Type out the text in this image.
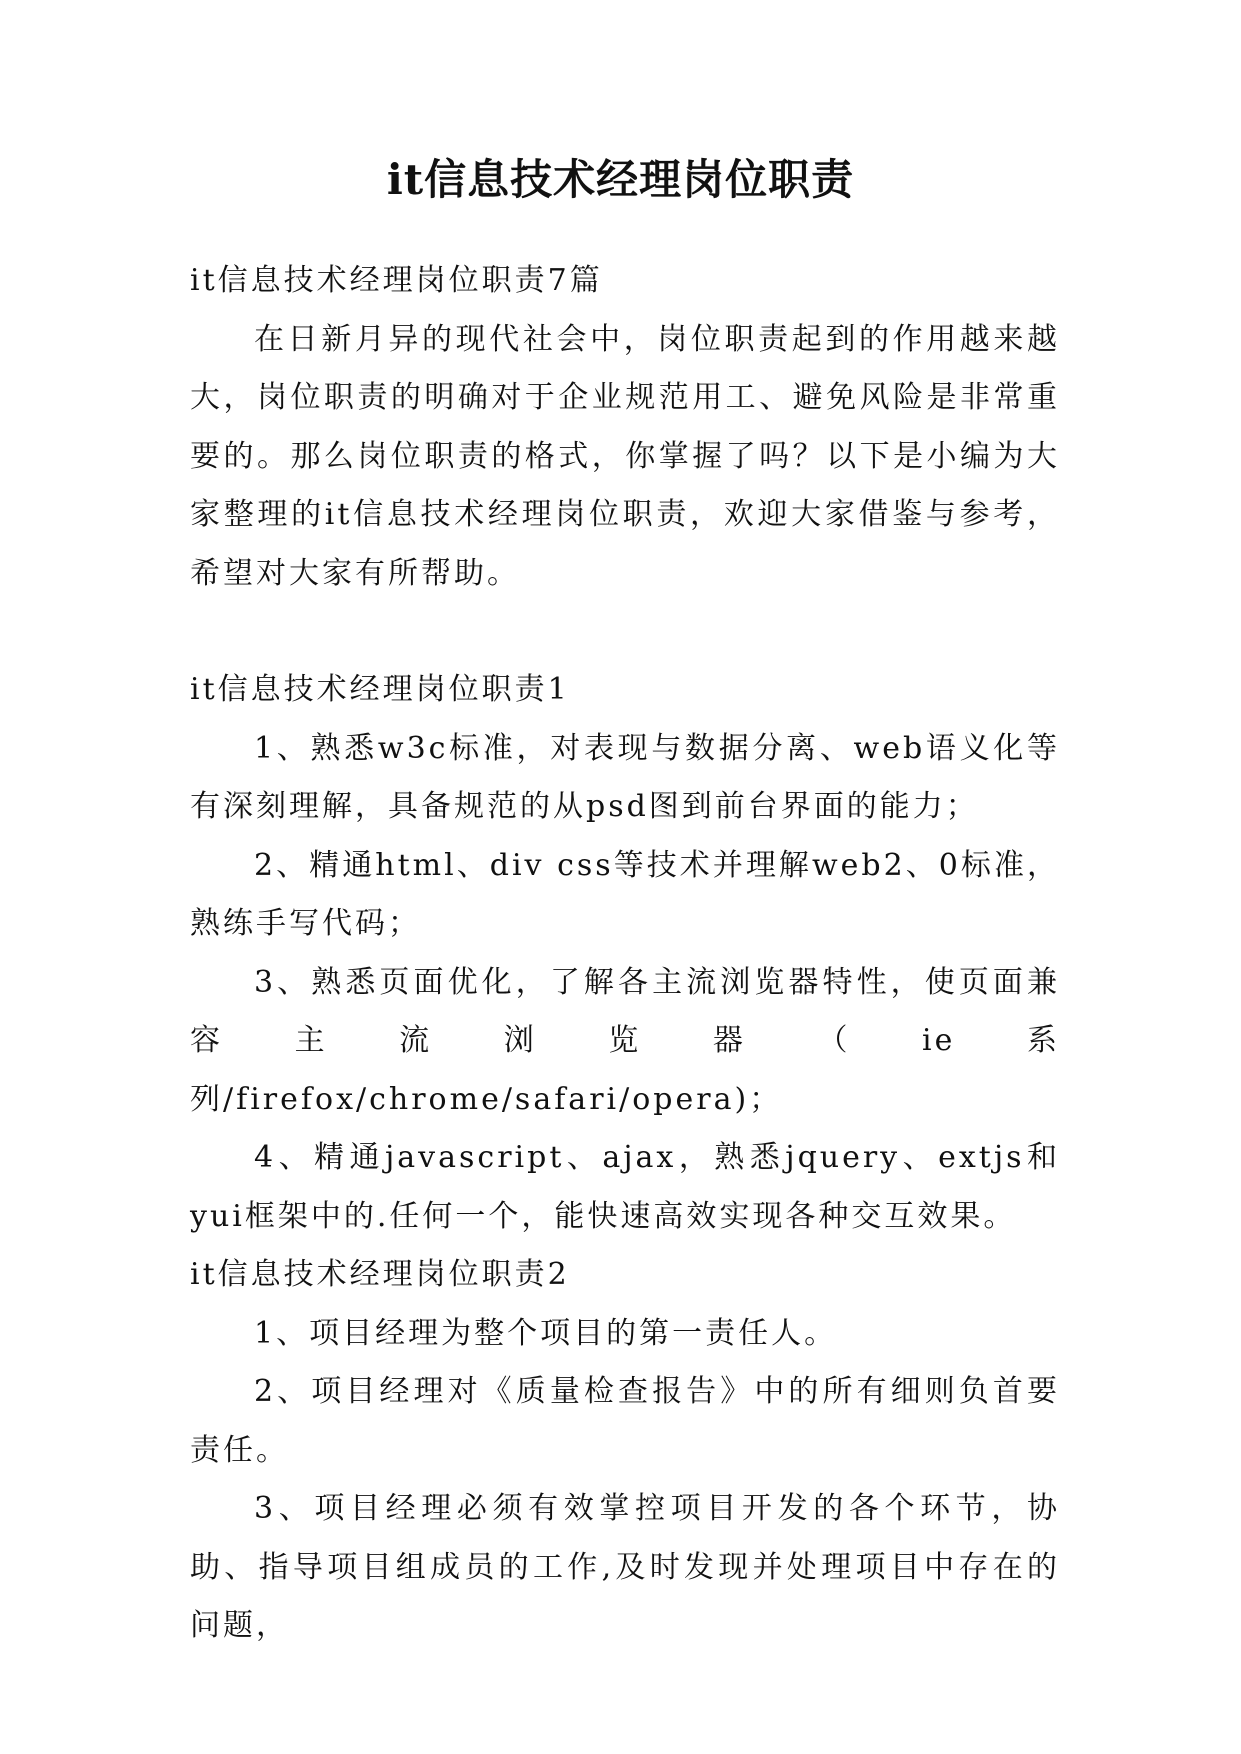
it信息技术经理岗位职责

it信息技术经理岗位职责7篇

在日新月异的现代社会中，岗位职责起到的作用越来越大，岗位职责的明确对于企业规范用工、避免风险是非常重要的。那么岗位职责的格式，你掌握了吗？以下是小编为大家整理的it信息技术经理岗位职责，欢迎大家借鉴与参考，希望对大家有所帮助。

it信息技术经理岗位职责1

1、熟悉w3c标准，对表现与数据分离、web语义化等有深刻理解，具备规范的从psd图到前台界面的能力；

2、精通html、div css等技术并理解web2、0标准，熟练手写代码；

3、熟悉页面优化，了解各主流浏览器特性，使页面兼容主流浏览器（ie系列/firefox/chrome/safari/opera)；

4、精通javascript、ajax，熟悉jquery、extjs和yui框架中的.任何一个，能快速高效实现各种交互效果。

it信息技术经理岗位职责2

1、项目经理为整个项目的第一责任人。

2、项目经理对《质量检查报告》中的所有细则负首要责任。

3、项目经理必须有效掌控项目开发的各个环节，协助、指导项目组成员的工作,及时发现并处理项目中存在的问题，
